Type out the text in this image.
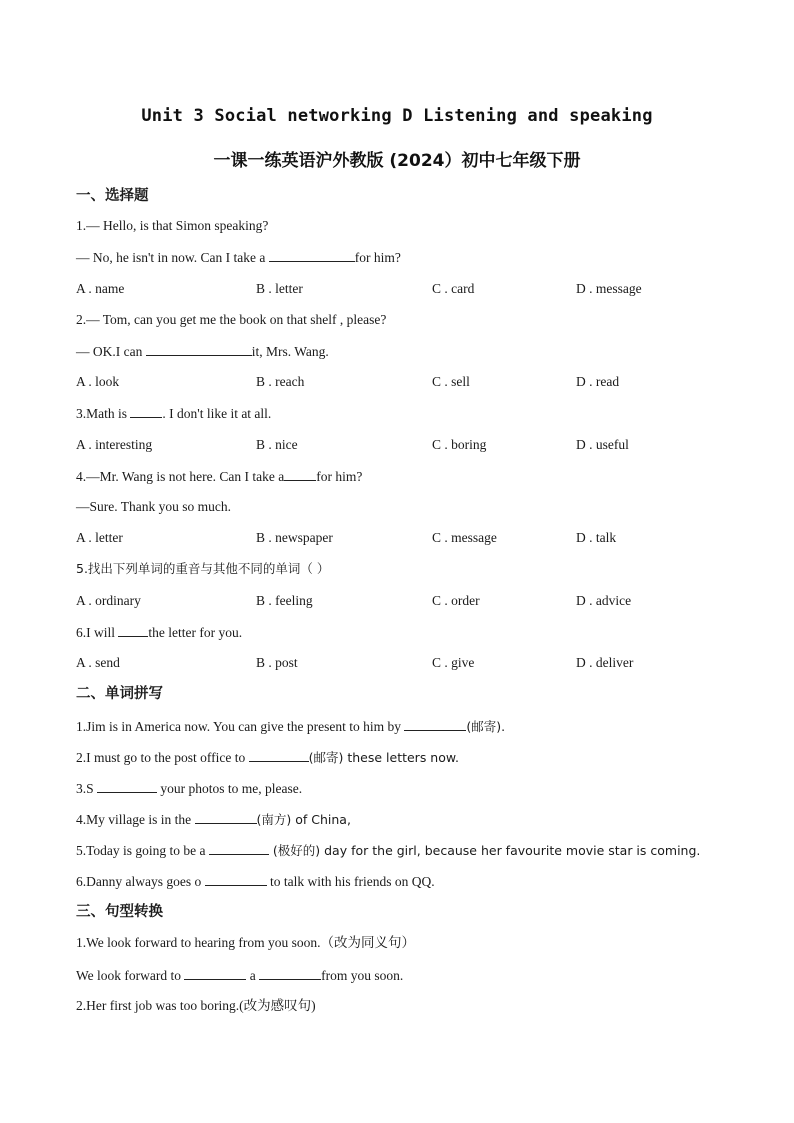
Unit 3 Social networking D Listening and speaking
一课一练英语沪外教版 (2024）初中七年级下册
一、选择题
1.— Hello, is that Simon speaking?
— No, he isn't in now. Can I take a	for him?
A . name	B . letter	C . card	D . message
2.— Tom, can you get me the book on that shelf , please?
— OK.I can	it, Mrs. Wang.
A . look	B . reach	C . sell	D . read
3.Math is . I don't like it at all.
A . interesting	B . nice	C . boring	D . useful
4.—Mr. Wang is not here. Can I take a for him?
—Sure. Thank you so much.
A . letter	B . newspaper	C . message	D . talk
5.找出下列单词的重音与其他不同的单词（ ）
A . ordinary	B . feeling	C . order	D . advice
6.I will the letter for you.
A . send	B . post	C . give	D . deliver
二、单词拼写
1.Jim is in America now. You can give the present to him by	(邮寄).
2.I must go to the post office to	(邮寄) these letters now.
3.S	your photos to me, please.
4.My village is in the	(南方) of China,
5.Today is going to be a	(极好的) day for the girl, because her favourite movie star is coming.
6.Danny always goes o	to talk with his friends on QQ.
三、句型转换
1.We look forward to hearing from you soon.（改为同义句）
We look forward to	a	from you soon.
2.Her first job was too boring.(改为感叹句)
